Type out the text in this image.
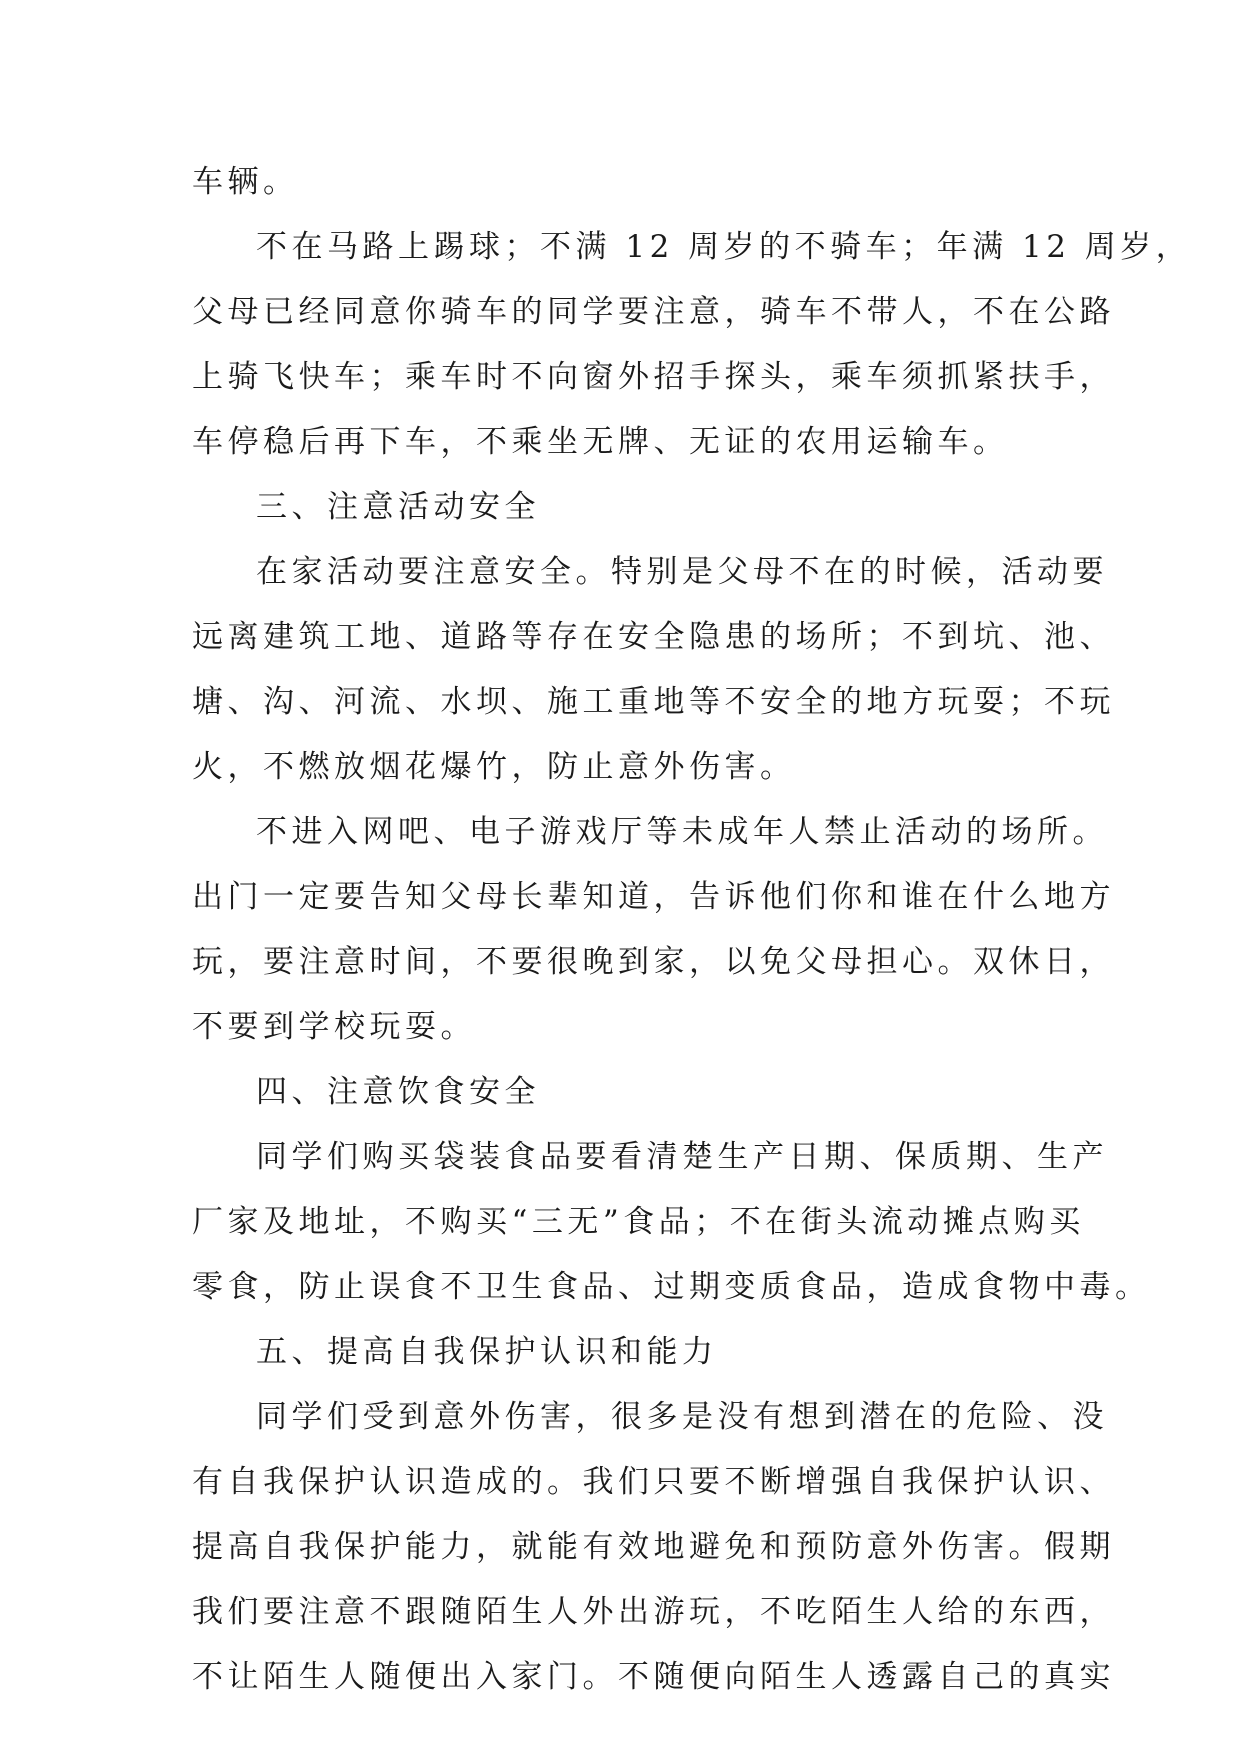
车辆。
不在马路上踢球；不满 12 周岁的不骑车；年满 12 周岁，
父母已经同意你骑车的同学要注意，骑车不带人，不在公路
上骑飞快车；乘车时不向窗外招手探头，乘车须抓紧扶手，
车停稳后再下车，不乘坐无牌、无证的农用运输车。
三、注意活动安全
在家活动要注意安全。特别是父母不在的时候，活动要
远离建筑工地、道路等存在安全隐患的场所；不到坑、池、
塘、沟、河流、水坝、施工重地等不安全的地方玩耍；不玩
火，不燃放烟花爆竹，防止意外伤害。
不进入网吧、电子游戏厅等未成年人禁止活动的场所。
出门一定要告知父母长辈知道，告诉他们你和谁在什么地方
玩，要注意时间，不要很晚到家，以免父母担心。双休日，
不要到学校玩耍。
四、注意饮食安全
同学们购买袋装食品要看清楚生产日期、保质期、生产
厂家及地址，不购买“三无”食品；不在街头流动摊点购买
零食，防止误食不卫生食品、过期变质食品，造成食物中毒。
五、提高自我保护认识和能力
同学们受到意外伤害，很多是没有想到潜在的危险、没
有自我保护认识造成的。我们只要不断增强自我保护认识、
提高自我保护能力，就能有效地避免和预防意外伤害。假期
我们要注意不跟随陌生人外出游玩，不吃陌生人给的东西，
不让陌生人随便出入家门。不随便向陌生人透露自己的真实
